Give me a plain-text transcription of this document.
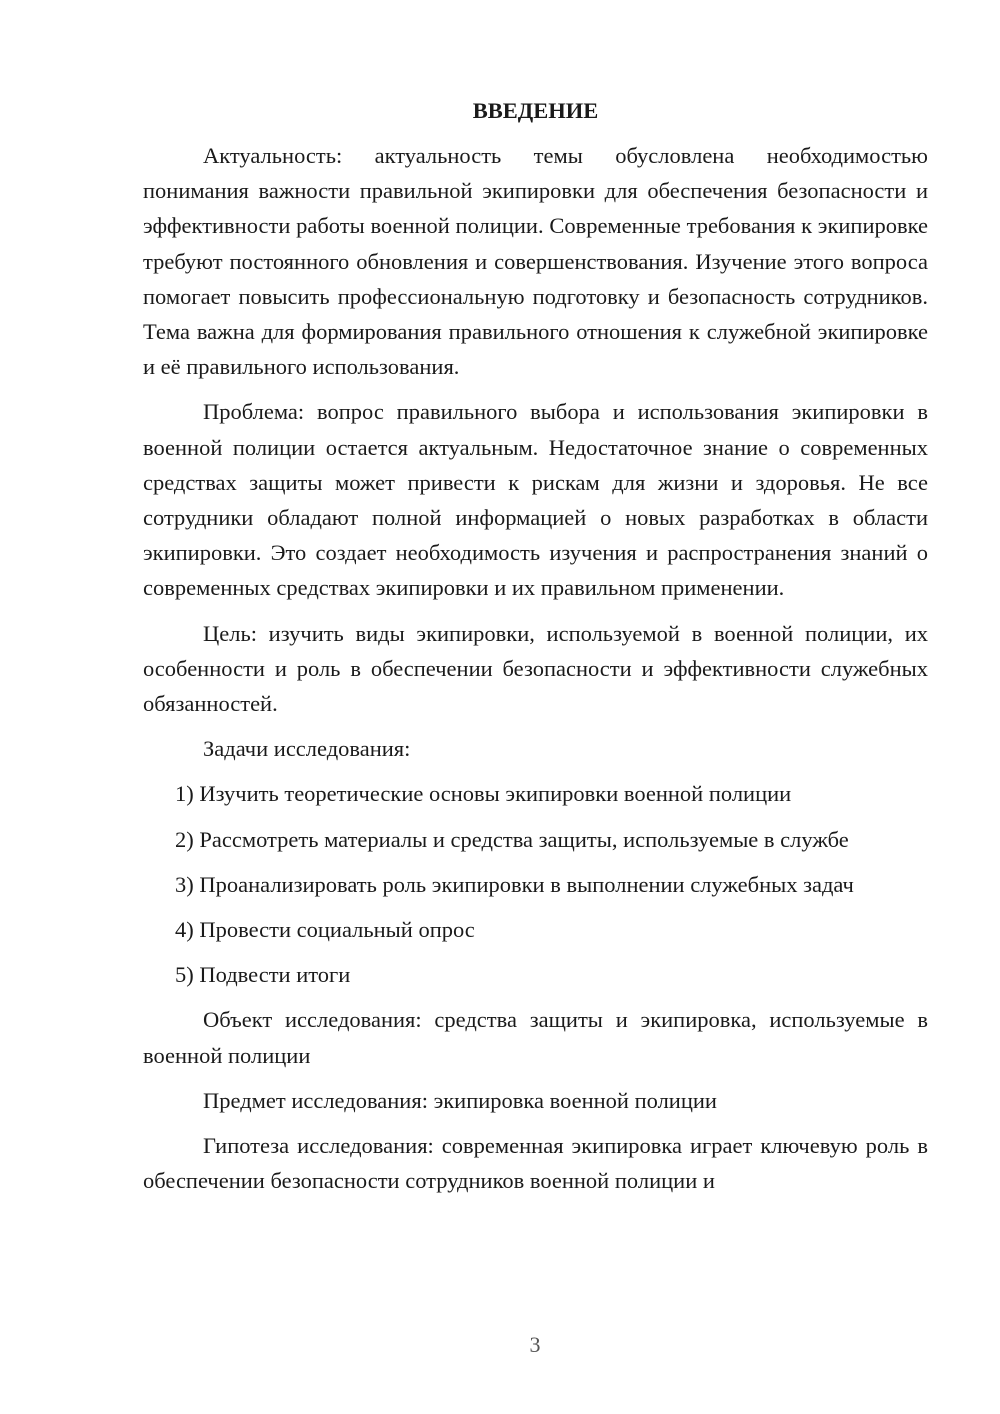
ВВЕДЕНИЕ

Актуальность: актуальность темы обусловлена необходимостью понимания важности правильной экипировки для обеспечения безопасности и эффективности работы военной полиции. Современные требования к экипировке требуют постоянного обновления и совершенствования. Изучение этого вопроса помогает повысить профессиональную подготовку и безопасность сотрудников. Тема важна для формирования правильного отношения к служебной экипировке и её правильного использования.

Проблема: вопрос правильного выбора и использования экипировки в военной полиции остается актуальным. Недостаточное знание о современных средствах защиты может привести к рискам для жизни и здоровья. Не все сотрудники обладают полной информацией о новых разработках в области экипировки. Это создает необходимость изучения и распространения знаний о современных средствах экипировки и их правильном применении.

Цель: изучить виды экипировки, используемой в военной полиции, их особенности и роль в обеспечении безопасности и эффективности служебных обязанностей.

Задачи исследования:

1) Изучить теоретические основы экипировки военной полиции

2) Рассмотреть материалы и средства защиты, используемые в службе

3) Проанализировать роль экипировки в выполнении служебных задач

4) Провести социальный опрос

5) Подвести итоги

Объект исследования: средства защиты и экипировка, используемые в военной полиции

Предмет исследования: экипировка военной полиции

Гипотеза исследования: современная экипировка играет ключевую роль в обеспечении безопасности сотрудников военной полиции и

3
